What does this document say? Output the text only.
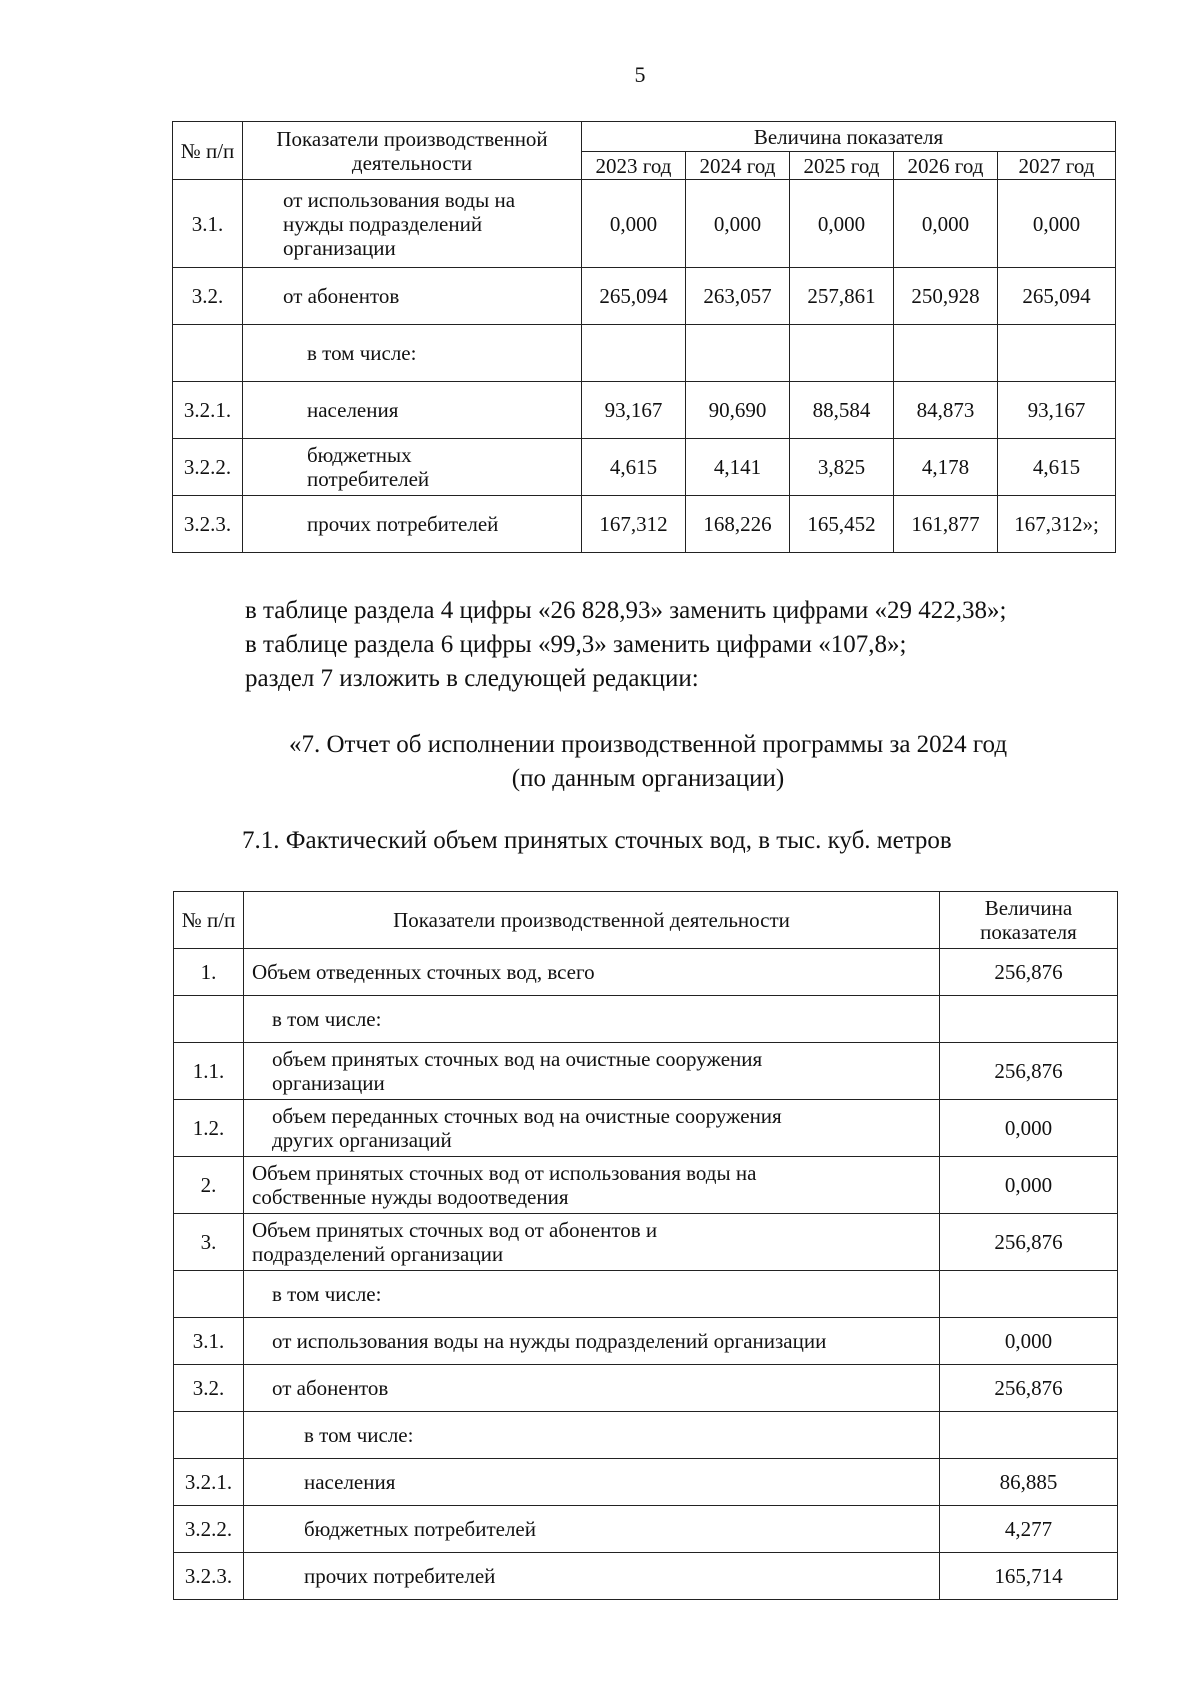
5
№ п/п	Показатели производственной деятельности	Величина показателя				
		2023 год	2024 год	2025 год	2026 год	2027 год
3.1.	от использования воды на нужды подразделений организации	0,000	0,000	0,000	0,000	0,000
3.2.	от абонентов	265,094	263,057	257,861	250,928	265,094
	в том числе:					
3.2.1.	населения	93,167	90,690	88,584	84,873	93,167
3.2.2.	бюджетных потребителей	4,615	4,141	3,825	4,178	4,615
3.2.3.	прочих потребителей	167,312	168,226	165,452	161,877	167,312»;

в таблице раздела 4 цифры «26 828,93» заменить цифрами «29 422,38»;

в таблице раздела 6 цифры «99,3» заменить цифрами «107,8»;

раздел 7 изложить в следующей редакции:

«7. Отчет об исполнении производственной программы за 2024 год

(по данным организации)

7.1. Фактический объем принятых сточных вод, в тыс. куб. метров
№ п/п	Показатели производственной деятельности	Величина показателя
1.	Объем отведенных сточных вод, всего	256,876
	в том числе:	
1.1.	объем принятых сточных вод на очистные сооружения организации	256,876
1.2.	объем переданных сточных вод на очистные сооружения других организаций	0,000
2.	Объем принятых сточных вод от использования воды на собственные нужды водоотведения	0,000
3.	Объем принятых сточных вод от абонентов и подразделений организации	256,876
	в том числе:	
3.1.	от использования воды на нужды подразделений организации	0,000
3.2.	от абонентов	256,876
	в том числе:	
3.2.1.	населения	86,885
3.2.2.	бюджетных потребителей	4,277
3.2.3.	прочих потребителей	165,714
